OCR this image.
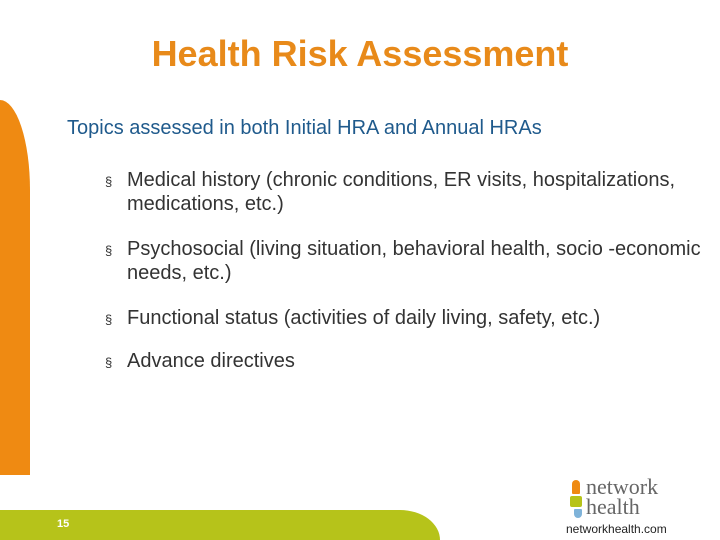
15
Health Risk Assessment
Topics assessed in both Initial HRA and Annual HRAs
§ Medical history (chronic conditions, ER visits, hospitalizations, medications, etc.)
§ Psychosocial (living situation, behavioral health, socio -economic needs, etc.)
§ Functional status (activities of daily living, safety, etc.)
§ Advance directives
network
health
networkhealth.com
